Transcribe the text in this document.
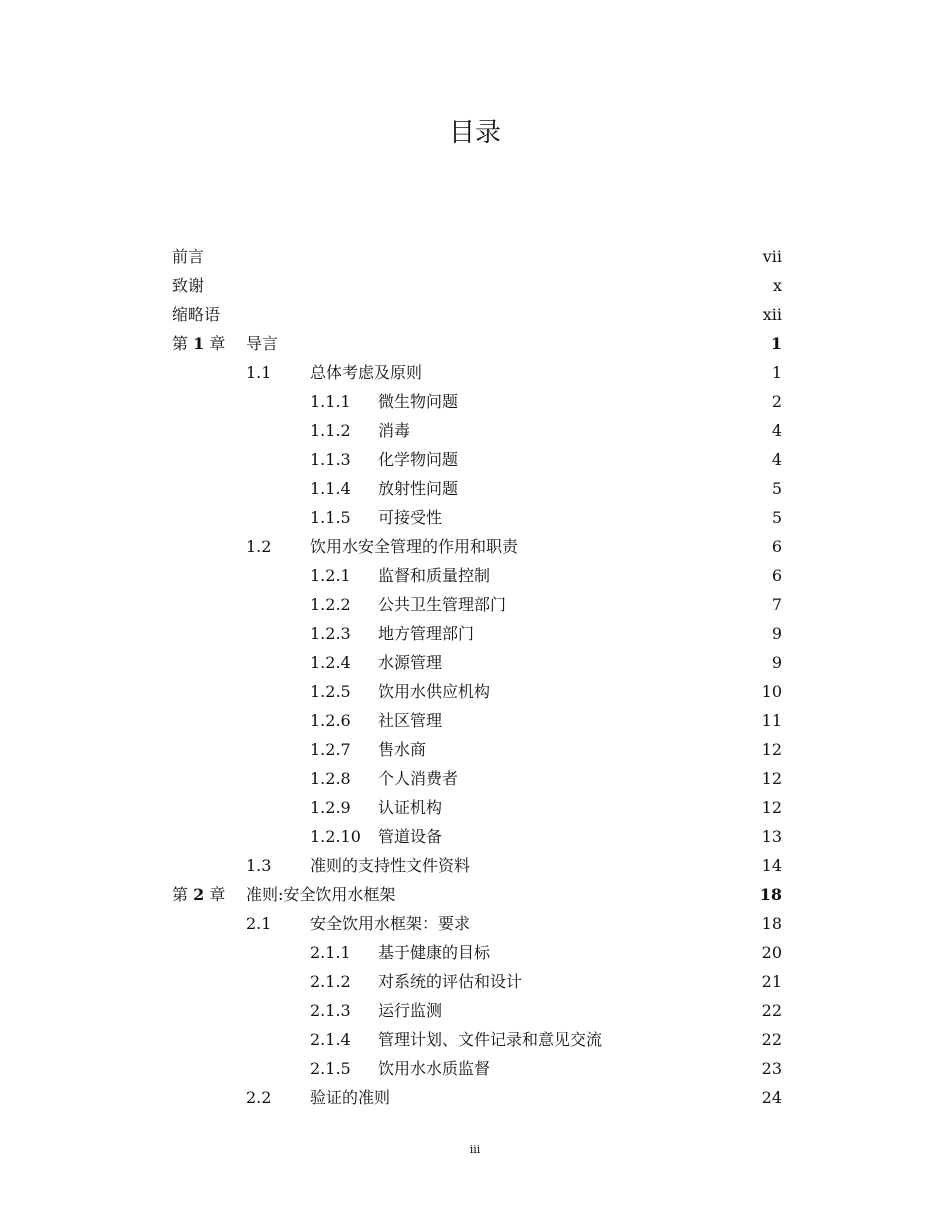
目录
前言	vii
致谢	x
缩略语	xii
第 1 章 导言	1
1.1 总体考虑及原则	1
1.1.1 微生物问题	2
1.1.2 消毒	4
1.1.3 化学物问题	4
1.1.4 放射性问题	5
1.1.5 可接受性	5
1.2 饮用水安全管理的作用和职责	6
1.2.1 监督和质量控制	6
1.2.2 公共卫生管理部门	7
1.2.3 地方管理部门	9
1.2.4 水源管理	9
1.2.5 饮用水供应机构	10
1.2.6 社区管理	11
1.2.7 售水商	12
1.2.8 个人消费者	12
1.2.9 认证机构	12
1.2.10 管道设备	13
1.3 准则的支持性文件资料	14
第 2 章 准则:安全饮用水框架	18
2.1 安全饮用水框架：要求	18
2.1.1 基于健康的目标	20
2.1.2 对系统的评估和设计	21
2.1.3 运行监测	22
2.1.4 管理计划、文件记录和意见交流	22
2.1.5 饮用水水质监督	23
2.2 验证的准则	24
iii
